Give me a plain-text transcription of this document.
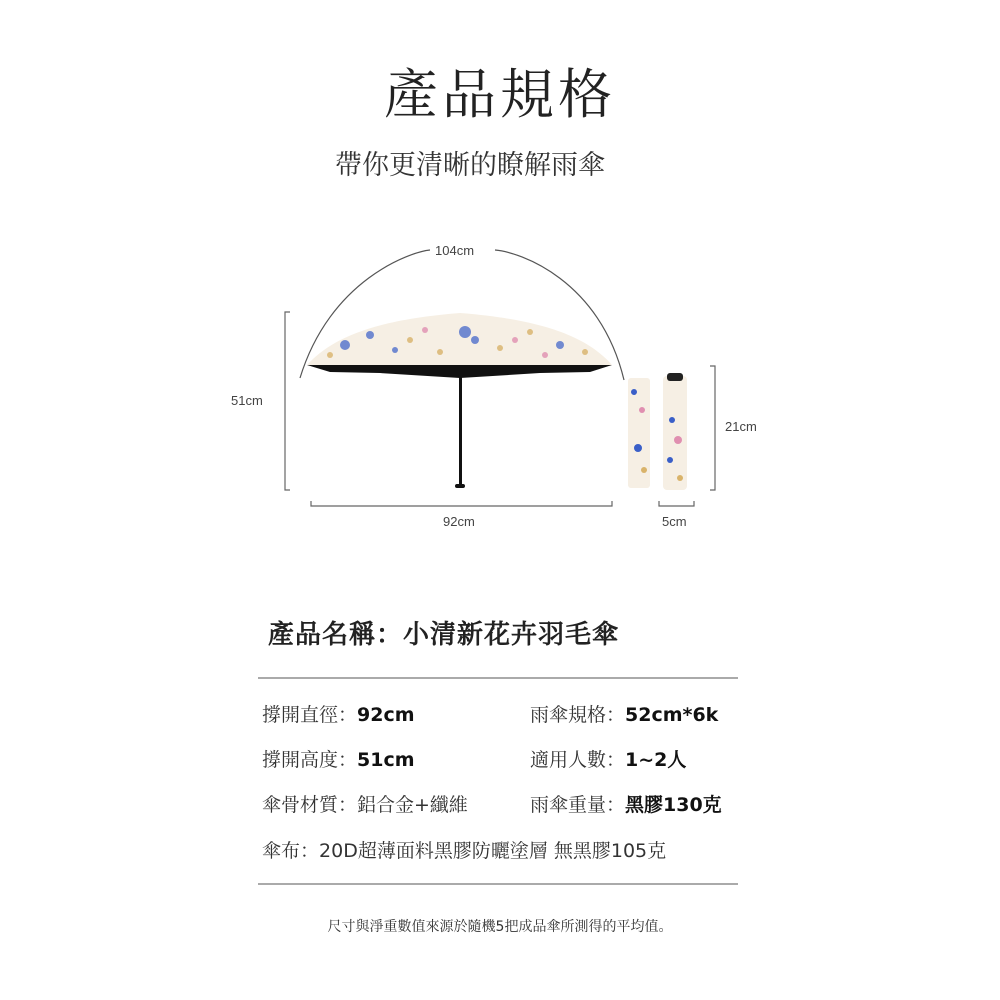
產品規格
帶你更清晰的瞭解雨傘
104cm
51cm
92cm
21cm
5cm
產品名稱：小清新花卉羽毛傘
撐開直徑：92cm	雨傘規格：52cm*6k
撐開高度：51cm	適用人數：1~2人
傘骨材質：鋁合金+纖維	雨傘重量：黑膠130克
傘布：20D超薄面料黑膠防曬塗層 無黑膠105克
尺寸與淨重數值來源於隨機5把成品傘所測得的平均值。
